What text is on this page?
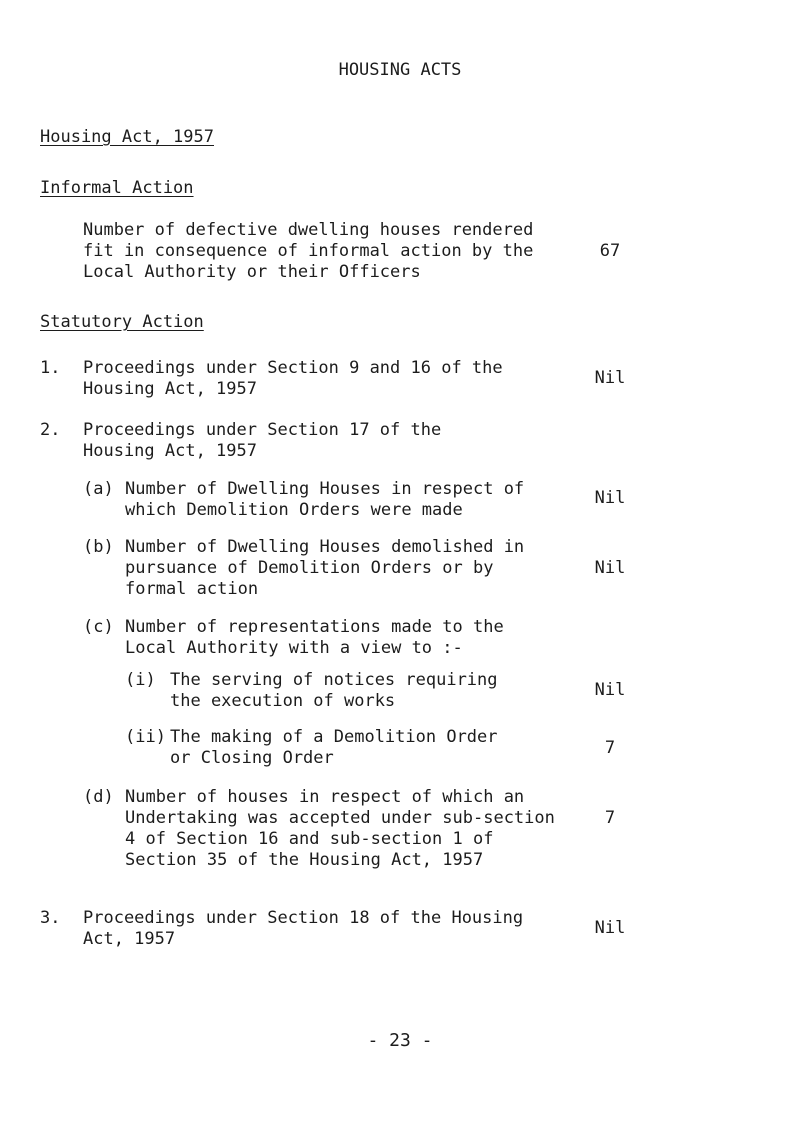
HOUSING ACTS
Housing Act, 1957
Informal Action
Number of defective dwelling houses rendered
fit in consequence of informal action by the
Local Authority or their Officers
67
Statutory Action
1. Proceedings under Section 9 and 16 of the
Housing Act, 1957
Nil
2. Proceedings under Section 17 of the
Housing Act, 1957
(a) Number of Dwelling Houses in respect of
which Demolition Orders were made
Nil
(b) Number of Dwelling Houses demolished in
pursuance of Demolition Orders or by
formal action
Nil
(c) Number of representations made to the
Local Authority with a view to :-
(i) The serving of notices requiring
the execution of works
Nil
(ii) The making of a Demolition Order
or Closing Order	7
(d) Number of houses in respect of which an
Undertaking was accepted under sub-section
4 of Section 16 and sub-section 1 of
Section 35 of the Housing Act, 1957
7
3. Proceedings under Section 18 of the Housing
Act, 1957
Nil
- 23 -
